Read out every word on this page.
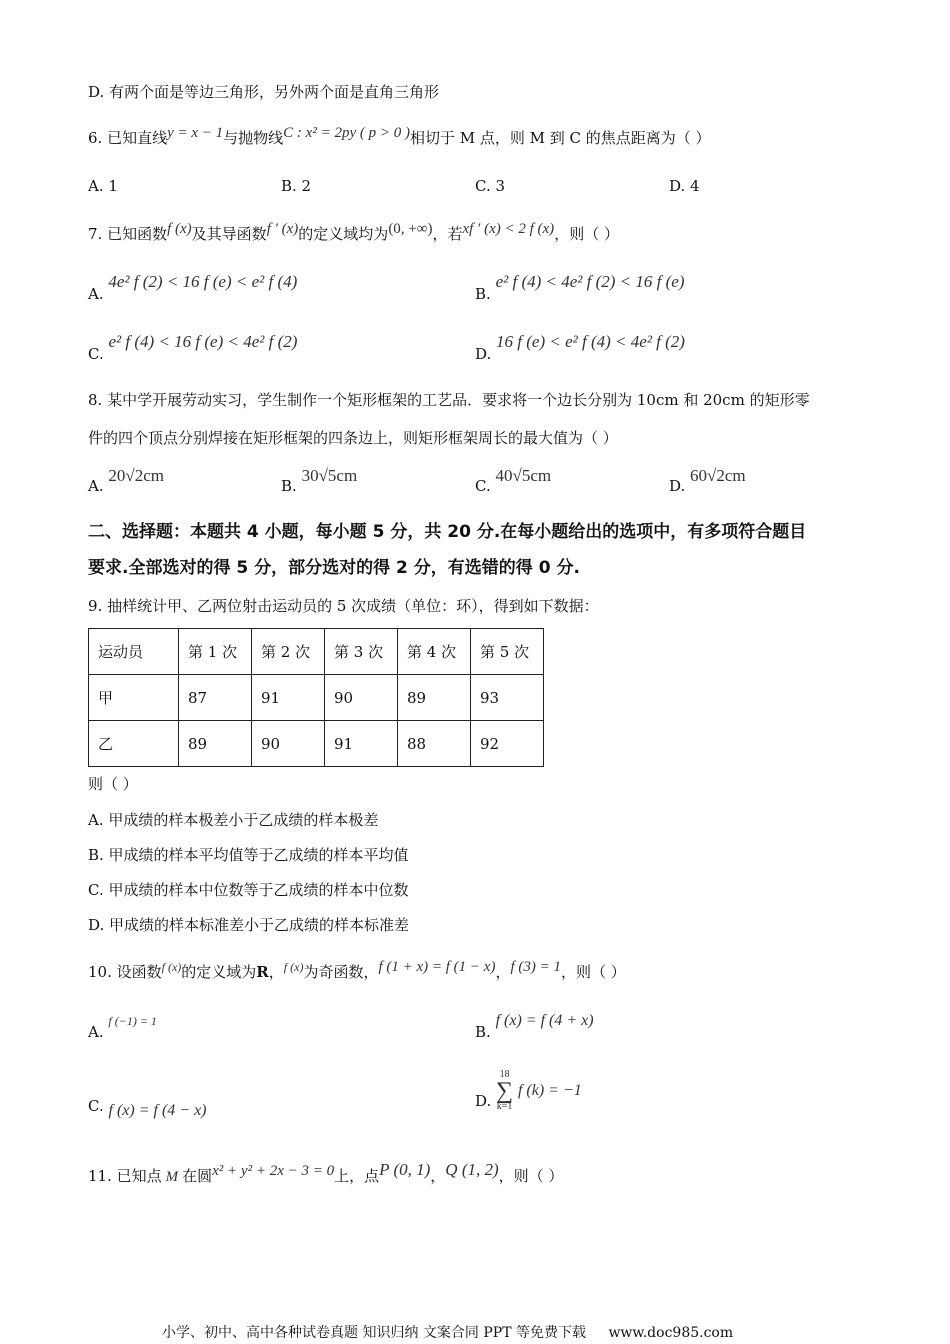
D. 有两个面是等边三角形，另外两个面是直角三角形
6. 已知直线y = x − 1与抛物线C : x² = 2py ( p > 0 )相切于 M 点，则 M 到 C 的焦点距离为（ ）
A. 1	B. 2	C. 3	D. 4
7. 已知函数f (x)及其导函数f ′ (x)的定义域均为(0, +∞)，若xf ′ (x) < 2 f (x)，则（ ）
A. 4e² f (2) < 16 f (e) < e² f (4)
B. e² f (4) < 4e² f (2) < 16 f (e)
C. e² f (4) < 16 f (e) < 4e² f (2)
D. 16 f (e) < e² f (4) < 4e² f (2)
8. 某中学开展劳动实习，学生制作一个矩形框架的工艺品．要求将一个边长分别为 10cm 和 20cm 的矩形零
件的四个顶点分别焊接在矩形框架的四条边上，则矩形框架周长的最大值为（ ）
A. 20√2cm
B. 30√5cm
C. 40√5cm
D. 60√2cm
二、选择题：本题共 4 小题，每小题 5 分，共 20 分.在每小题给出的选项中，有多项符合题目
要求.全部选对的得 5 分，部分选对的得 2 分，有选错的得 0 分.
9. 抽样统计甲、乙两位射击运动员的 5 次成绩（单位：环），得到如下数据：
运动员	第 1 次	第 2 次	第 3 次	第 4 次	第 5 次
甲	87	91	90	89	93
乙	89	90	91	88	92
则（ ）
A. 甲成绩的样本极差小于乙成绩的样本极差
B. 甲成绩的样本平均值等于乙成绩的样本平均值
C. 甲成绩的样本中位数等于乙成绩的样本中位数
D. 甲成绩的样本标准差小于乙成绩的样本标准差
10. 设函数$^{f (x)}$的定义域为R，$^{f (x)}$为奇函数，f (1 + x) = f (1 − x)，f (3) = 1，则（ ）
A. f (−1) = 1
B. f (x) = f (4 + x)
C. f (x) = f (4 − x)
D.
18
∑
k=1
f (k) = −1
11. 已知点 M 在圆x² + y² + 2x − 3 = 0上，点P (0, 1)，Q (1, 2)，则（ ）
小学、初中、高中各种试卷真题 知识归纳 文案合同 PPT 等免费下载 www.doc985.com
